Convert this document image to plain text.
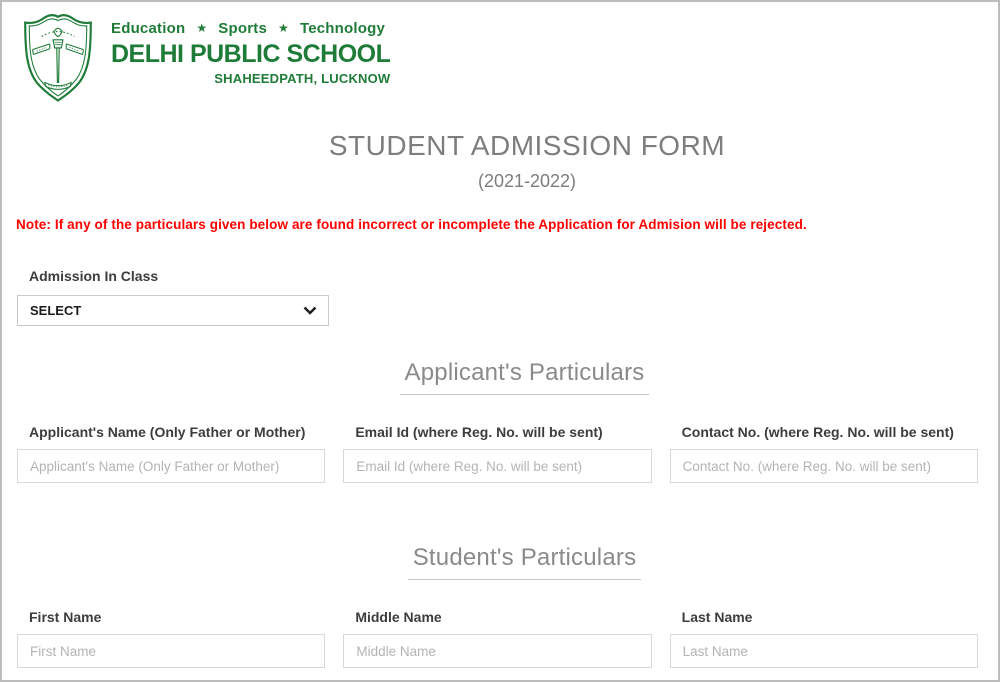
Education ★ Sports ★ Technology
DELHI PUBLIC SCHOOL
SHAHEEDPATH, LUCKNOW
STUDENT ADMISSION FORM
(2021-2022)
Note: If any of the particulars given below are found incorrect or incomplete the Application for Admision will be rejected.
Admission In Class
SELECT
Applicant's Particulars
Applicant's Name (Only Father or Mother)	Email Id (where Reg. No. will be sent)	Contact No. (where Reg. No. will be sent)
Applicant's Name (Only Father or Mother)
Email Id (where Reg. No. will be sent)
Contact No. (where Reg. No. will be sent)
Student's Particulars
First Name	Middle Name	Last Name
First Name
Middle Name
Last Name
